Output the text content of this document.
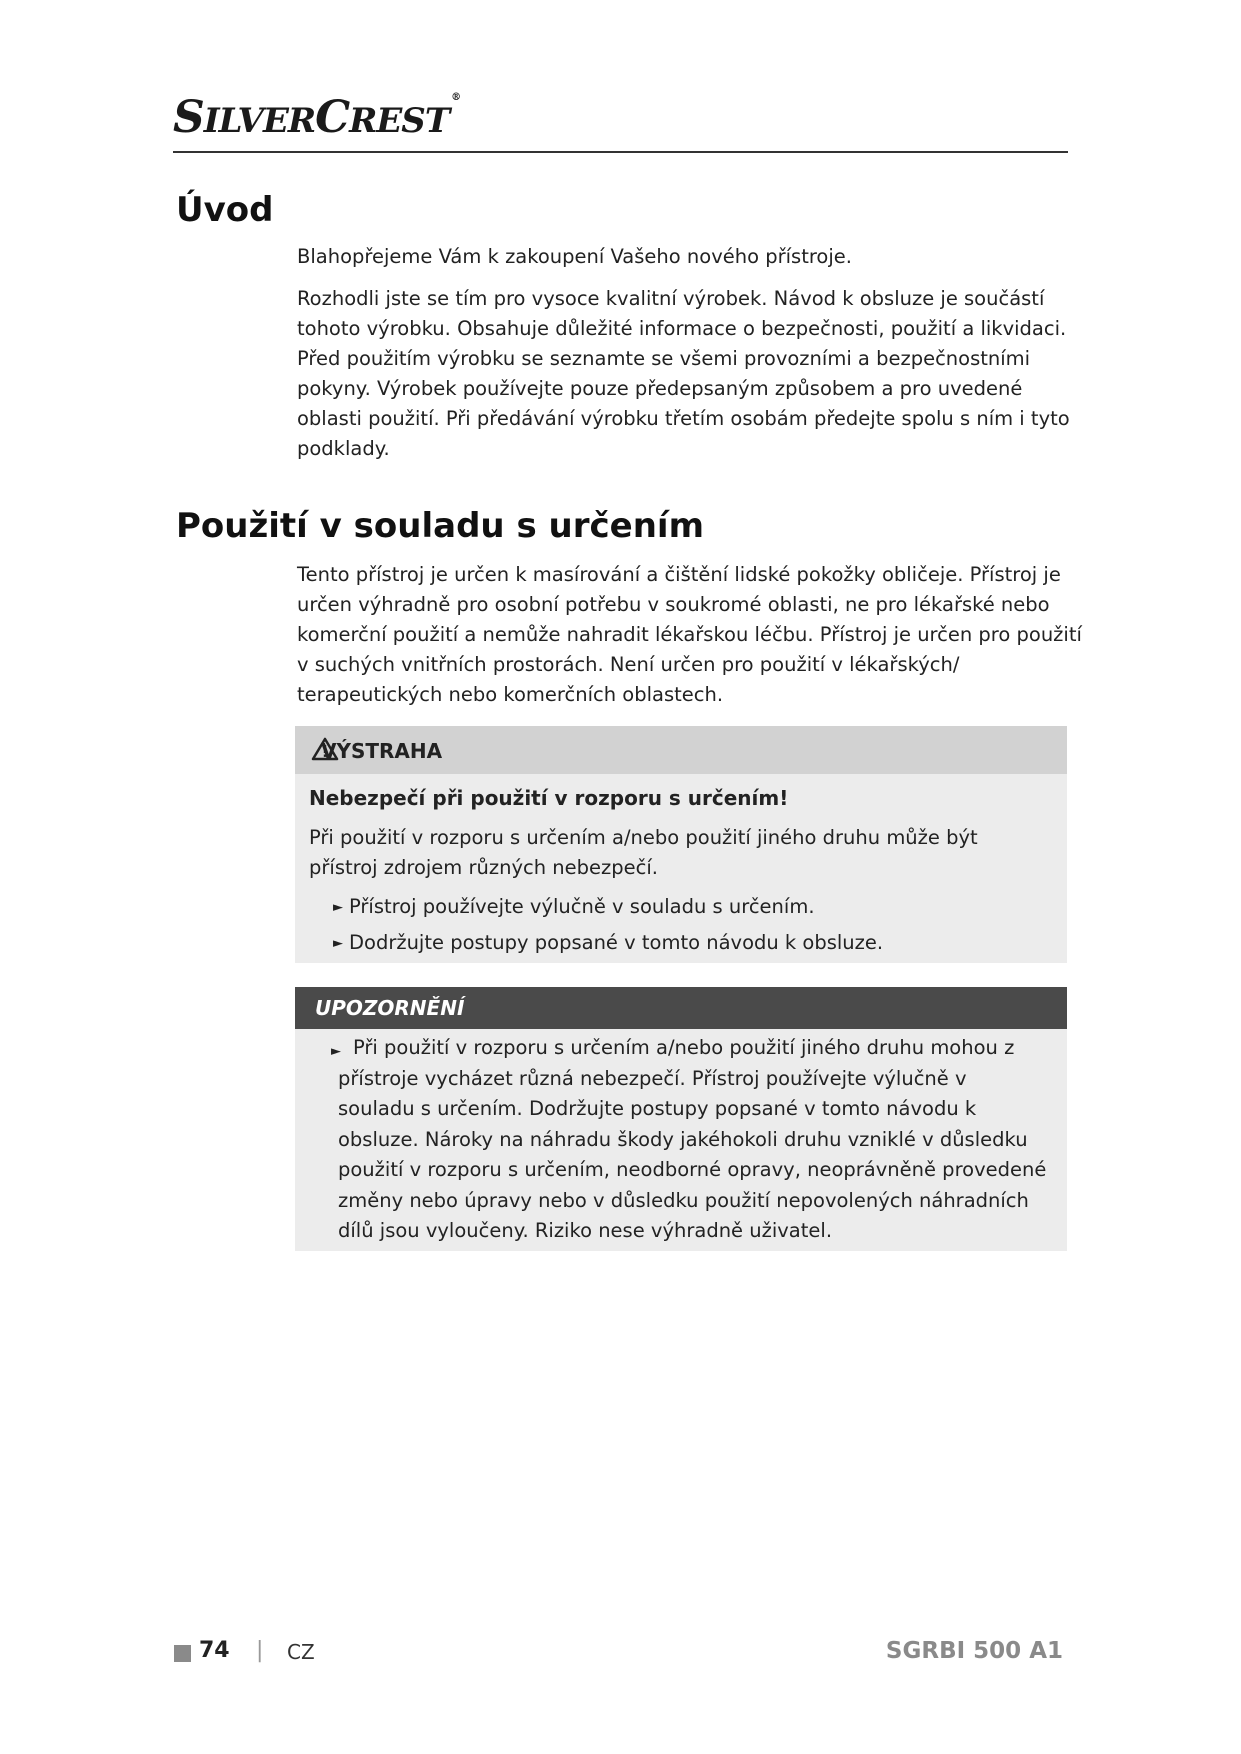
SILVERCREST®
Úvod

Blahopřejeme Vám k zakoupení Vašeho nového přístroje.

Rozhodli jste se tím pro vysoce kvalitní výrobek. Návod k obsluze je součástí tohoto výrobku. Obsahuje důležité informace o bezpečnosti, použití a likvidaci. Před použitím výrobku se seznamte se všemi provozními a bezpečnostními pokyny. Výrobek používejte pouze předepsaným způsobem a pro uvedené oblasti použití. Při předávání výrobku třetím osobám předejte spolu s ním i tyto podklady.

Použití v souladu s určením

Tento přístroj je určen k masírování a čištění lidské pokožky obličeje. Přístroj je určen výhradně pro osobní potřebu v soukromé oblasti, ne pro lékařské nebo komerční použití a nemůže nahradit lékařskou léčbu. Přístroj je určen pro použití v suchých vnitřních prostorách. Není určen pro použití v lékařských/ terapeutických nebo komerčních oblastech.

VÝSTRAHA

Nebezpečí při použití v rozporu s určením!

Při použití v rozporu s určením a/nebo použití jiného druhu může být přístroj zdrojem různých nebezpečí.

► Přístroj používejte výlučně v souladu s určením.
► Dodržujte postupy popsané v tomto návodu k obsluze.
UPOZORNĚNÍ
► Při použití v rozporu s určením a/nebo použití jiného druhu mohou z přístroje vycházet různá nebezpečí. Přístroj používejte výlučně v souladu s určením. Dodržujte postupy popsané v tomto návodu k obsluze. Nároky na náhradu škody jakéhokoli druhu vzniklé v důsledku použití v rozporu s určením, neodborné opravy, neoprávněně provedené změny nebo úpravy nebo v důsledku použití nepovolených náhradních dílů jsou vyloučeny. Riziko nese výhradně uživatel.

74 | CZ	SGRBI 500 A1
